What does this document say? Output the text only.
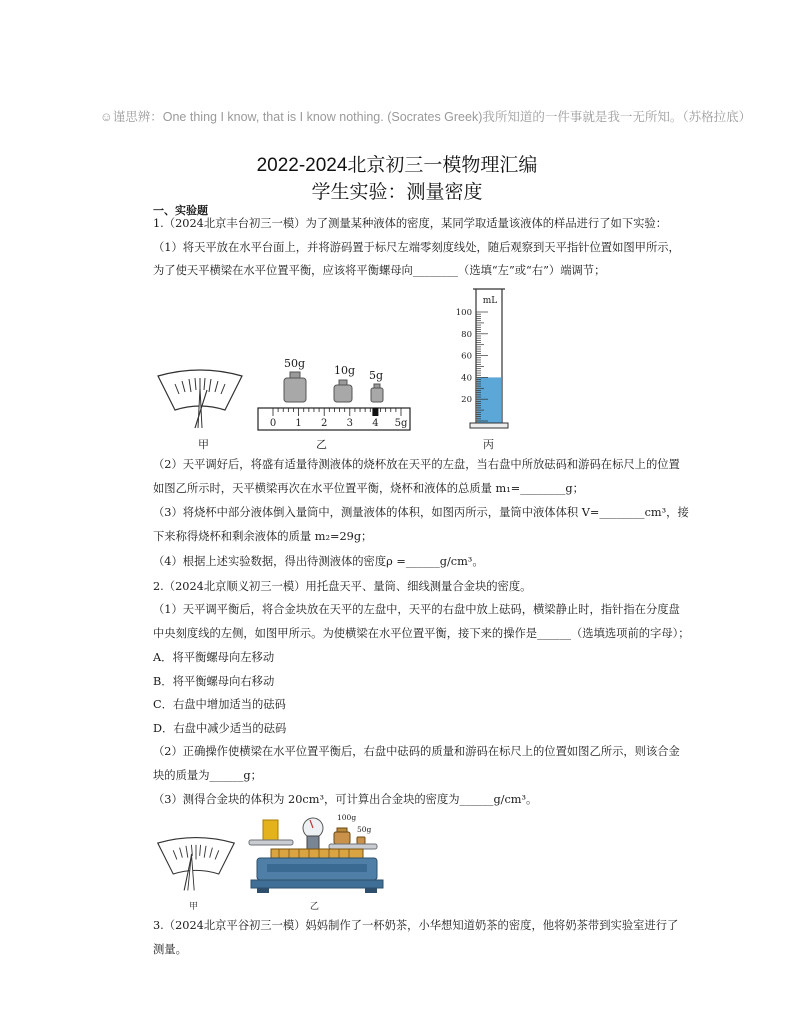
☺谨思辨：One thing I know, that is I know nothing. (Socrates Greek)我所知道的一件事就是我一无所知。（苏格拉底）
2022-2024北京初三一模物理汇编
学生实验：测量密度
一、实验题
1.（2024北京丰台初三一模）为了测量某种液体的密度，某同学取适量该液体的样品进行了如下实验：
（1）将天平放在水平台面上，并将游码置于标尺左端零刻度线处，随后观察到天平指针位置如图甲所示，
为了使天平横梁在水平位置平衡，应该将平衡螺母向________（选填“左”或“右”）端调节；
甲
50g
10g 5g
0 1 2 3 4 5g
乙
mL
100
80
60
40
20
丙
（2）天平调好后，将盛有适量待测液体的烧杯放在天平的左盘，当右盘中所放砝码和游码在标尺上的位置
如图乙所示时，天平横梁再次在水平位置平衡，烧杯和液体的总质量 m₁=________g；
（3）将烧杯中部分液体倒入量筒中，测量液体的体积，如图丙所示，量筒中液体体积 V=________cm³，接
下来称得烧杯和剩余液体的质量 m₂=29g；
（4）根据上述实验数据，得出待测液体的密度ρ =______g/cm³。
2.（2024北京顺义初三一模）用托盘天平、量筒、细线测量合金块的密度。
（1）天平调平衡后，将合金块放在天平的左盘中，天平的右盘中放上砝码，横梁静止时，指针指在分度盘
中央刻度线的左侧，如图甲所示。为使横梁在水平位置平衡，接下来的操作是______（选填选项前的字母）；
A．将平衡螺母向左移动
B．将平衡螺母向右移动
C．右盘中增加适当的砝码
D．右盘中减少适当的砝码
（2）正确操作使横梁在水平位置平衡后，右盘中砝码的质量和游码在标尺上的位置如图乙所示，则该合金
块的质量为______g；
（3）测得合金块的体积为 20cm³，可计算出合金块的密度为______g/cm³。
甲
100g
50g
乙
3.（2024北京平谷初三一模）妈妈制作了一杯奶茶，小华想知道奶茶的密度，他将奶茶带到实验室进行了
测量。
